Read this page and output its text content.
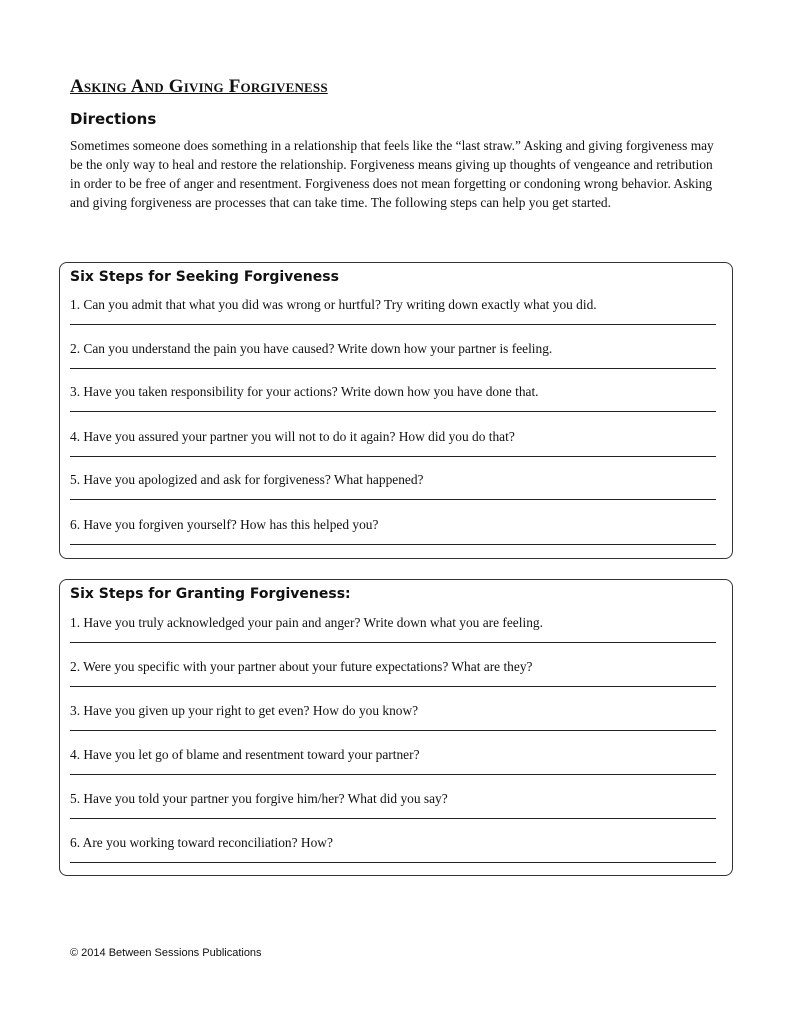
Asking And Giving Forgiveness
Directions

Sometimes someone does something in a relationship that feels like the “last straw.” Asking and giving forgiveness may be the only way to heal and restore the relationship. Forgiveness means giving up thoughts of vengeance and retribution in order to be free of anger and resentment. Forgiveness does not mean forgetting or condoning wrong behavior. Asking and giving forgiveness are processes that can take time. The following steps can help you get started.

Six Steps for Seeking Forgiveness
1. Can you admit that what you did was wrong or hurtful? Try writing down exactly what you did.
2. Can you understand the pain you have caused? Write down how your partner is feeling.
3. Have you taken responsibility for your actions? Write down how you have done that.
4. Have you assured your partner you will not to do it again? How did you do that?
5. Have you apologized and ask for forgiveness? What happened?
6. Have you forgiven yourself? How has this helped you?
Six Steps for Granting Forgiveness:
1. Have you truly acknowledged your pain and anger? Write down what you are feeling.
2. Were you specific with your partner about your future expectations? What are they?
3. Have you given up your right to get even? How do you know?
4. Have you let go of blame and resentment toward your partner?
5. Have you told your partner you forgive him/her? What did you say?
6. Are you working toward reconciliation? How?

© 2014 Between Sessions Publications
